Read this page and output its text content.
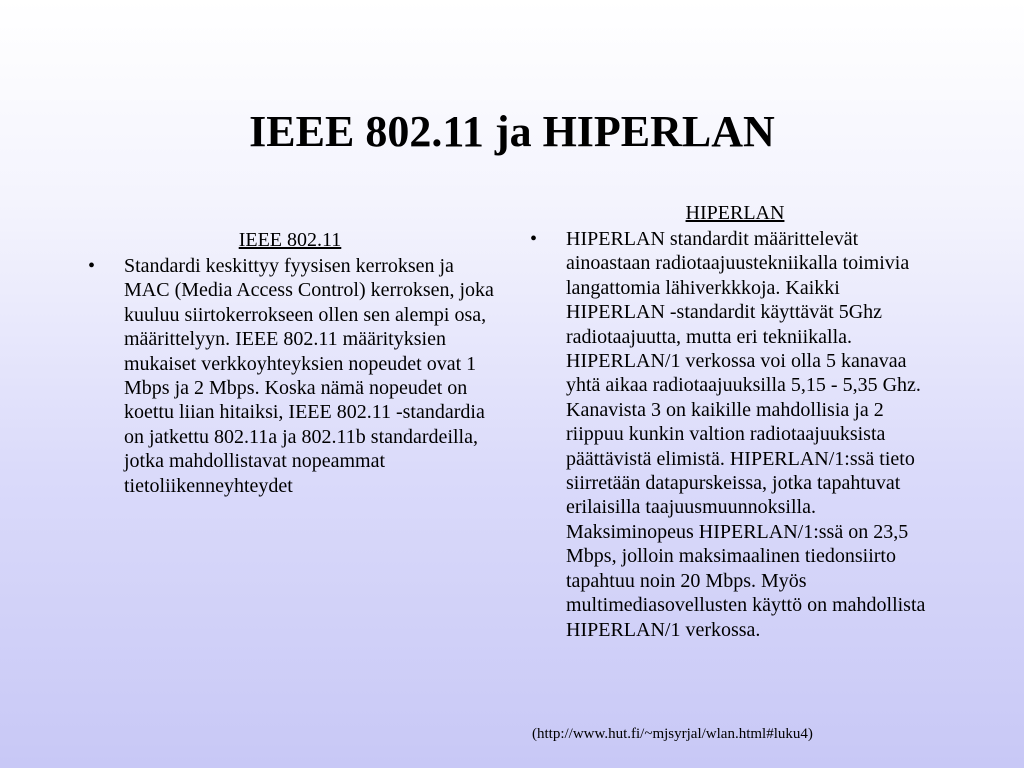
IEEE 802.11 ja HIPERLAN
IEEE 802.11
•	Standardi keskittyy fyysisen kerroksen ja MAC (Media Access Control) kerroksen, joka kuuluu siirtokerrokseen ollen sen alempi osa, määrittelyyn. IEEE 802.11 määrityksien mukaiset verkkoyhteyksien nopeudet ovat 1 Mbps ja 2 Mbps. Koska nämä nopeudet on koettu liian hitaiksi, IEEE 802.11 -standardia on jatkettu 802.11a ja 802.11b standardeilla, jotka mahdollistavat nopeammat tietoliikenneyhteydet
HIPERLAN
•	HIPERLAN standardit määrittelevät ainoastaan radiotaajuustekniikalla toimivia langattomia lähiverkkkoja. Kaikki HIPERLAN -standardit käyttävät 5Ghz radiotaajuutta, mutta eri tekniikalla. HIPERLAN/1 verkossa voi olla 5 kanavaa yhtä aikaa radiotaajuuksilla 5,15 - 5,35 Ghz. Kanavista 3 on kaikille mahdollisia ja 2 riippuu kunkin valtion radiotaajuuksista päättävistä elimistä. HIPERLAN/1:ssä tieto siirretään datapurskeissa, jotka tapahtuvat erilaisilla taajuusmuunnoksilla. Maksiminopeus HIPERLAN/1:ssä on 23,5 Mbps, jolloin maksimaalinen tiedonsiirto tapahtuu noin 20 Mbps. Myös multimediasovellusten käyttö on mahdollista HIPERLAN/1 verkossa.
(http://www.hut.fi/~mjsyrjal/wlan.html#luku4)
